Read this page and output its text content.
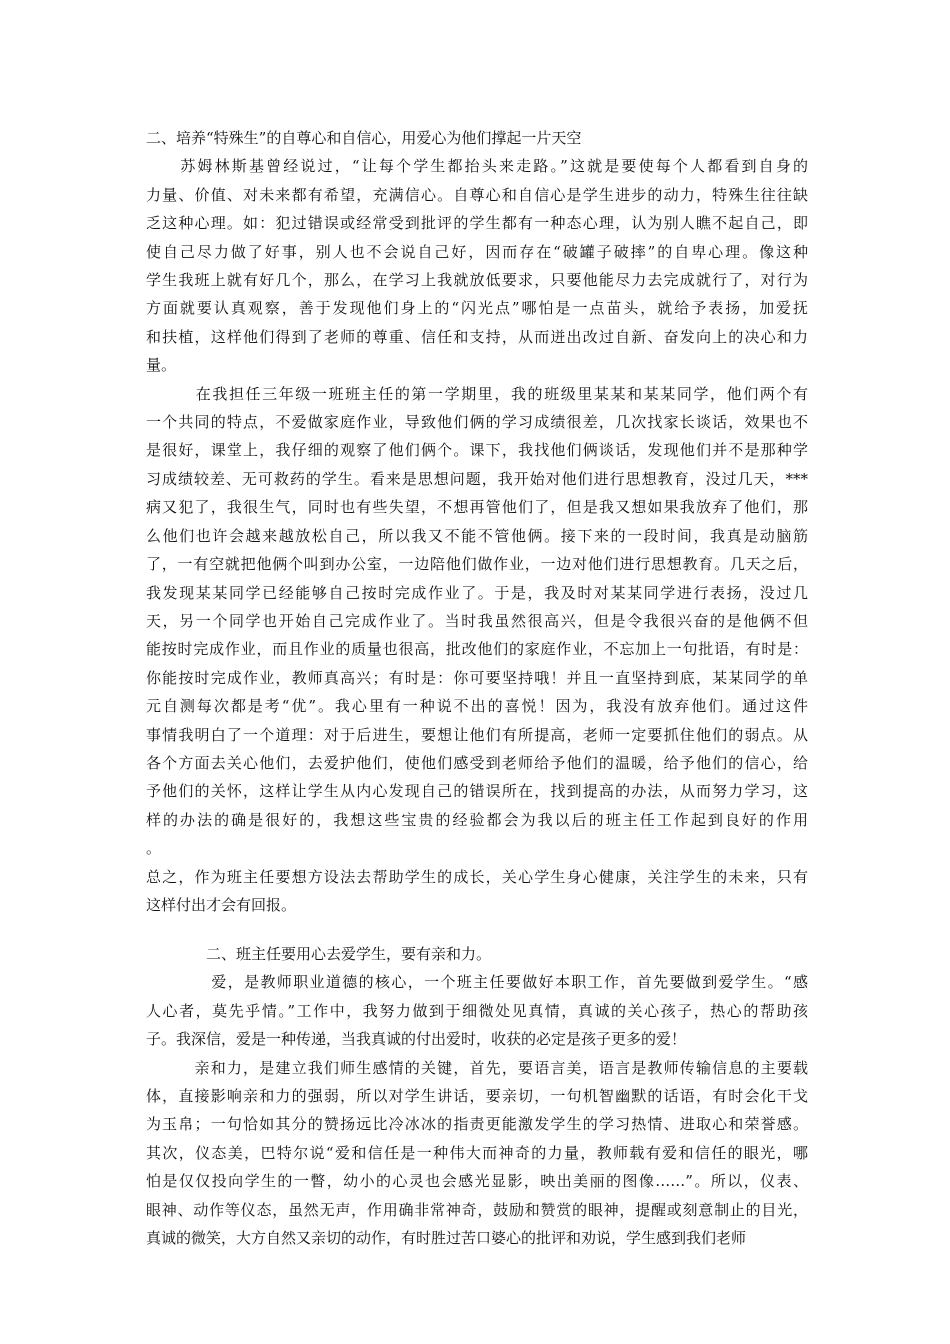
二、培养“特殊生”的自尊心和自信心，用爱心为他们撑起一片天空
　　苏姆林斯基曾经说过，“让每个学生都抬头来走路。”这就是要使每个人都看到自身的
力量、价值、对未来都有希望，充满信心。自尊心和自信心是学生进步的动力，特殊生往往缺
乏这种心理。如：犯过错误或经常受到批评的学生都有一种态心理，认为别人瞧不起自己，即
使自己尽力做了好事，别人也不会说自己好，因而存在“破罐子破摔”的自卑心理。像这种
学生我班上就有好几个，那么，在学习上我就放低要求，只要他能尽力去完成就行了，对行为
方面就要认真观察，善于发现他们身上的“闪光点”哪怕是一点苗头，就给予表扬，加爱抚
和扶植，这样他们得到了老师的尊重、信任和支持，从而迸出改过自新、奋发向上的决心和力
量。
　　　在我担任三年级一班班主任的第一学期里，我的班级里某某和某某同学，他们两个有
一个共同的特点，不爱做家庭作业，导致他们俩的学习成绩很差，几次找家长谈话，效果也不
是很好，课堂上，我仔细的观察了他们俩个。课下，我找他们俩谈话，发现他们并不是那种学
习成绩较差、无可救药的学生。看来是思想问题，我开始对他们进行思想教育，没过几天，***
病又犯了，我很生气，同时也有些失望，不想再管他们了，但是我又想如果我放弃了他们，那
么他们也许会越来越放松自己，所以我又不能不管他俩。接下来的一段时间，我真是动脑筋
了，一有空就把他俩个叫到办公室，一边陪他们做作业，一边对他们进行思想教育。几天之后，
我发现某某同学已经能够自己按时完成作业了。于是，我及时对某某同学进行表扬，没过几
天，另一个同学也开始自己完成作业了。当时我虽然很高兴，但是令我很兴奋的是他俩不但
能按时完成作业，而且作业的质量也很高，批改他们的家庭作业，不忘加上一句批语，有时是：
你能按时完成作业，教师真高兴；有时是：你可要坚持哦！并且一直坚持到底，某某同学的单
元自测每次都是考“优”。我心里有一种说不出的喜悦！因为，我没有放弃他们。通过这件
事情我明白了一个道理：对于后进生，要想让他们有所提高，老师一定要抓住他们的弱点。从
各个方面去关心他们，去爱护他们，使他们感受到老师给予他们的温暖，给予他们的信心，给
予他们的关怀，这样让学生从内心发现自己的错误所在，找到提高的办法，从而努力学习，这
样的办法的确是很好的，我想这些宝贵的经验都会为我以后的班主任工作起到良好的作用
。
总之，作为班主任要想方设法去帮助学生的成长，关心学生身心健康，关注学生的未来，只有
这样付出才会有回报。
　　　　二、班主任要用心去爱学生，要有亲和力。
　　　　爱，是教师职业道德的核心，一个班主任要做好本职工作，首先要做到爱学生。“感
人心者，莫先乎情。”工作中，我努力做到于细微处见真情，真诚的关心孩子，热心的帮助孩
子。我深信，爱是一种传递，当我真诚的付出爱时，收获的必定是孩子更多的爱！
　　　亲和力，是建立我们师生感情的关键，首先，要语言美，语言是教师传输信息的主要载
体，直接影响亲和力的强弱，所以对学生讲话，要亲切，一句机智幽默的话语，有时会化干戈
为玉帛；一句恰如其分的赞扬远比冷冰冰的指责更能激发学生的学习热情、进取心和荣誉感。
其次，仪态美，巴特尔说“爱和信任是一种伟大而神奇的力量，教师载有爱和信任的眼光，哪
怕是仅仅投向学生的一瞥，幼小的心灵也会感光显影，映出美丽的图像……”。所以，仪表、
眼神、动作等仪态，虽然无声，作用确非常神奇，鼓励和赞赏的眼神，提醒或刻意制止的目光，
真诚的微笑，大方自然又亲切的动作，有时胜过苦口婆心的批评和劝说，学生感到我们老师
